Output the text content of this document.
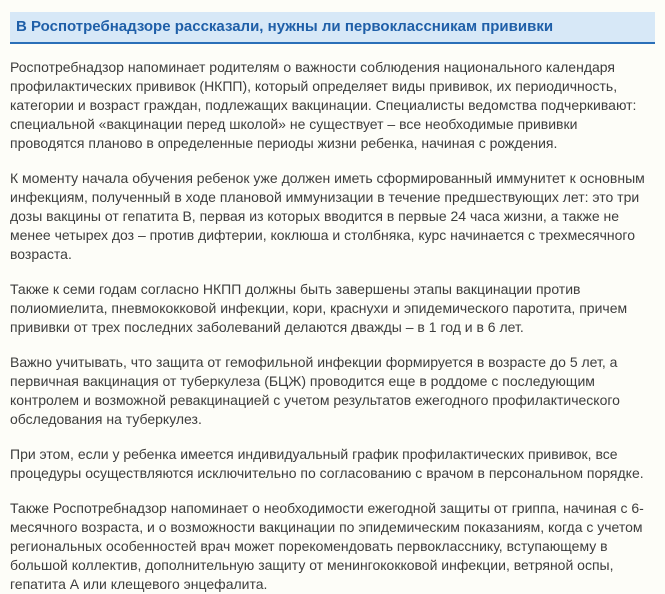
В Роспотребнадзоре рассказали, нужны ли первоклассникам прививки

Роспотребнадзор напоминает родителям о важности соблюдения национального календаря профилактических прививок (НКПП), который определяет виды прививок, их периодичность, категории и возраст граждан, подлежащих вакцинации. Специалисты ведомства подчеркивают: специальной «вакцинации перед школой» не существует – все необходимые прививки проводятся планово в определенные периоды жизни ребенка, начиная с рождения.

К моменту начала обучения ребенок уже должен иметь сформированный иммунитет к основным инфекциям, полученный в ходе плановой иммунизации в течение предшествующих лет: это три дозы вакцины от гепатита В, первая из которых вводится в первые 24 часа жизни, а также не менее четырех доз – против дифтерии, коклюша и столбняка, курс начинается с трехмесячного возраста.

Также к семи годам согласно НКПП должны быть завершены этапы вакцинации против полиомиелита, пневмококковой инфекции, кори, краснухи и эпидемического паротита, причем прививки от трех последних заболеваний делаются дважды – в 1 год и в 6 лет.

Важно учитывать, что защита от гемофильной инфекции формируется в возрасте до 5 лет, а первичная вакцинация от туберкулеза (БЦЖ) проводится еще в роддоме с последующим контролем и возможной ревакцинацией с учетом результатов ежегодного профилактического обследования на туберкулез.

При этом, если у ребенка имеется индивидуальный график профилактических прививок, все процедуры осуществляются исключительно по согласованию с врачом в персональном порядке.

Также Роспотребнадзор напоминает о необходимости ежегодной защиты от гриппа, начиная с 6-месячного возраста, и о возможности вакцинации по эпидемическим показаниям, когда с учетом региональных особенностей врач может порекомендовать первокласснику, вступающему в большой коллектив, дополнительную защиту от менингококковой инфекции, ветряной оспы, гепатита А или клещевого энцефалита.
